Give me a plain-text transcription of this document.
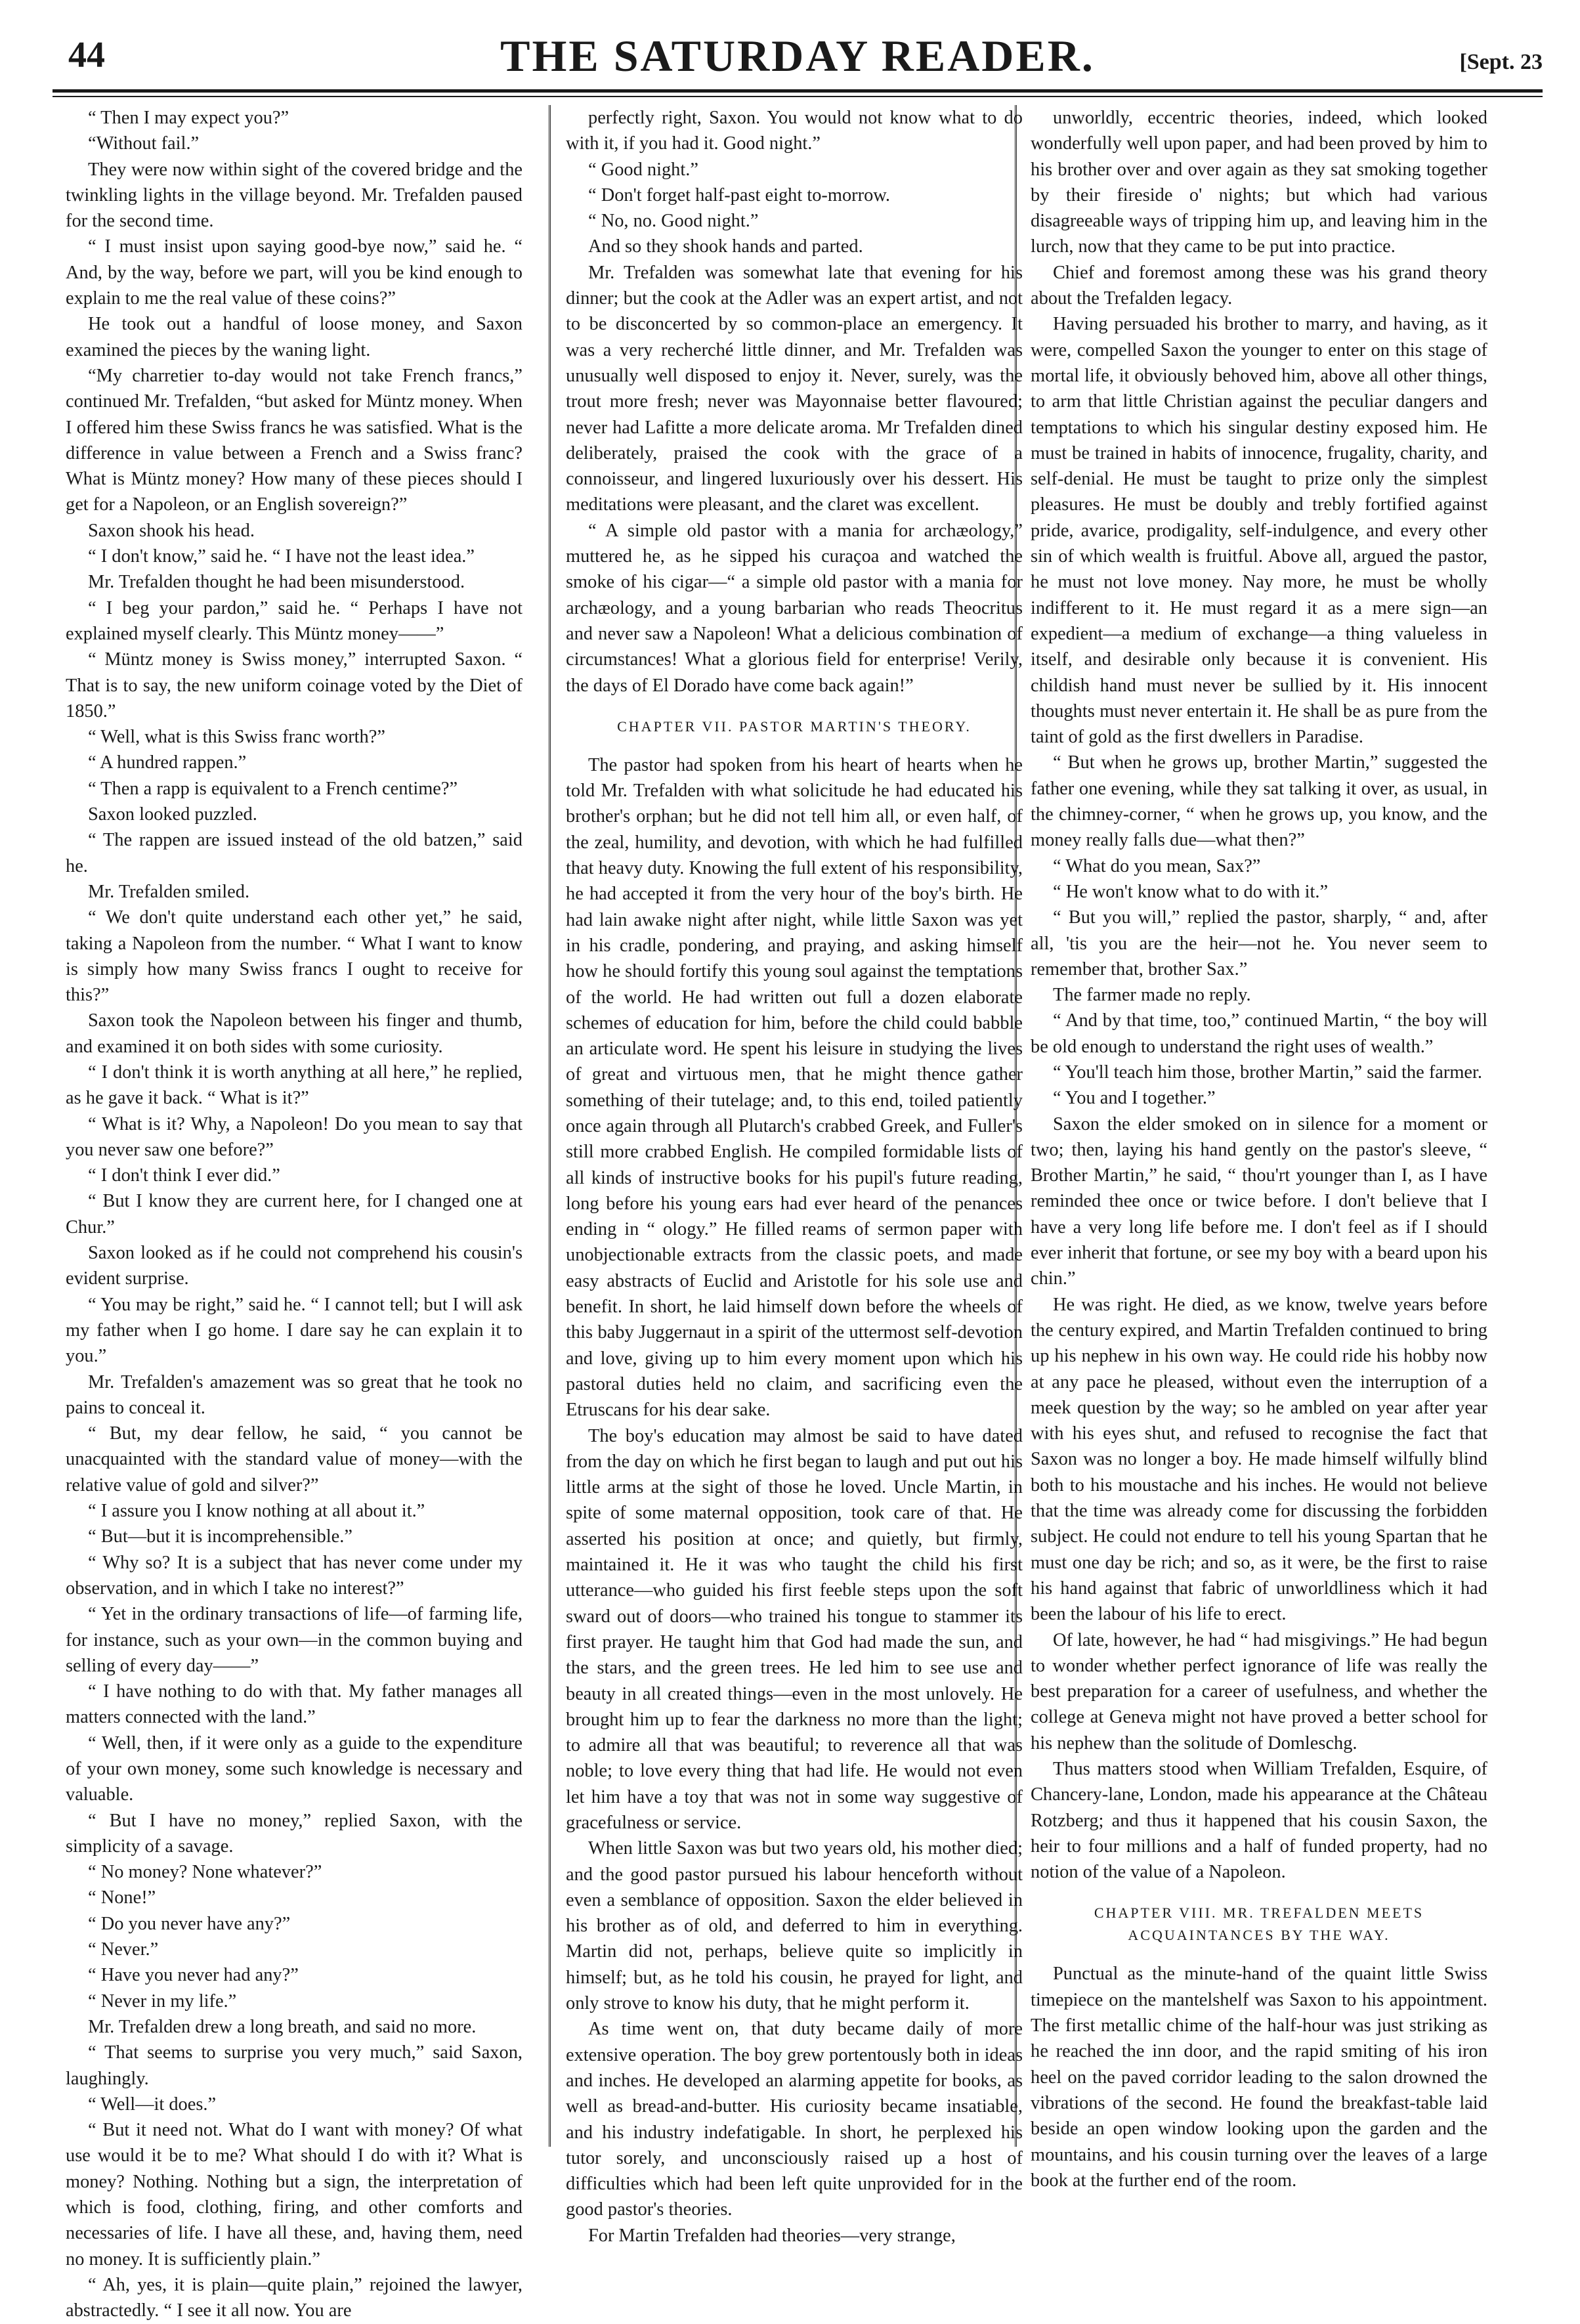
44	THE SATURDAY READER.	[Sept. 23

“ Then I may expect you?”

“Without fail.”

They were now within sight of the covered bridge and the twinkling lights in the village beyond. Mr. Trefalden paused for the second time.

“ I must insist upon saying good-bye now,” said he. “ And, by the way, before we part, will you be kind enough to explain to me the real value of these coins?”

He took out a handful of loose money, and Saxon examined the pieces by the waning light.

“My charretier to-day would not take French francs,” continued Mr. Trefalden, “but asked for Müntz money. When I offered him these Swiss francs he was satisfied. What is the difference in value between a French and a Swiss franc? What is Müntz money? How many of these pieces should I get for a Napoleon, or an English sovereign?”

Saxon shook his head.

“ I don't know,” said he. “ I have not the least idea.”

Mr. Trefalden thought he had been misunderstood.

“ I beg your pardon,” said he. “ Perhaps I have not explained myself clearly. This Müntz money——”

“ Müntz money is Swiss money,” interrupted Saxon. “ That is to say, the new uniform coinage voted by the Diet of 1850.”

“ Well, what is this Swiss franc worth?”

“ A hundred rappen.”

“ Then a rapp is equivalent to a French centime?”

Saxon looked puzzled.

“ The rappen are issued instead of the old batzen,” said he.

Mr. Trefalden smiled.

“ We don't quite understand each other yet,” he said, taking a Napoleon from the number. “ What I want to know is simply how many Swiss francs I ought to receive for this?”

Saxon took the Napoleon between his finger and thumb, and examined it on both sides with some curiosity.

“ I don't think it is worth anything at all here,” he replied, as he gave it back. “ What is it?”

“ What is it? Why, a Napoleon! Do you mean to say that you never saw one before?”

“ I don't think I ever did.”

“ But I know they are current here, for I changed one at Chur.”

Saxon looked as if he could not comprehend his cousin's evident surprise.

“ You may be right,” said he. “ I cannot tell; but I will ask my father when I go home. I dare say he can explain it to you.”

Mr. Trefalden's amazement was so great that he took no pains to conceal it.

“ But, my dear fellow, he said, “ you cannot be unacquainted with the standard value of money—with the relative value of gold and silver?”

“ I assure you I know nothing at all about it.”

“ But—but it is incomprehensible.”

“ Why so? It is a subject that has never come under my observation, and in which I take no interest?”

“ Yet in the ordinary transactions of life—of farming life, for instance, such as your own—in the common buying and selling of every day——”

“ I have nothing to do with that. My father manages all matters connected with the land.”

“ Well, then, if it were only as a guide to the expenditure of your own money, some such knowledge is necessary and valuable.

“ But I have no money,” replied Saxon, with the simplicity of a savage.

“ No money? None whatever?”

“ None!”

“ Do you never have any?”

“ Never.”

“ Have you never had any?”

“ Never in my life.”

Mr. Trefalden drew a long breath, and said no more.

“ That seems to surprise you very much,” said Saxon, laughingly.

“ Well—it does.”

“ But it need not. What do I want with money? Of what use would it be to me? What should I do with it? What is money? Nothing. Nothing but a sign, the interpretation of which is food, clothing, firing, and other comforts and necessaries of life. I have all these, and, having them, need no money. It is sufficiently plain.”

“ Ah, yes, it is plain—quite plain,” rejoined the lawyer, abstractedly. “ I see it all now. You are

perfectly right, Saxon. You would not know what to do with it, if you had it. Good night.”

“ Good night.”

“ Don't forget half-past eight to-morrow.

“ No, no. Good night.”

And so they shook hands and parted.

Mr. Trefalden was somewhat late that evening for his dinner; but the cook at the Adler was an expert artist, and not to be disconcerted by so common-place an emergency. It was a very recherché little dinner, and Mr. Trefalden was unusually well disposed to enjoy it. Never, surely, was the trout more fresh; never was Mayonnaise better flavoured; never had Lafitte a more delicate aroma. Mr Trefalden dined deliberately, praised the cook with the grace of a connoisseur, and lingered luxuriously over his dessert. His meditations were pleasant, and the claret was excellent.

“ A simple old pastor with a mania for archæology,” muttered he, as he sipped his curaçoa and watched the smoke of his cigar—“ a simple old pastor with a mania for archæology, and a young barbarian who reads Theocritus and never saw a Napoleon! What a delicious combination of circumstances! What a glorious field for enterprise! Verily, the days of El Dorado have come back again!”

CHAPTER VII. PASTOR MARTIN'S THEORY.

The pastor had spoken from his heart of hearts when he told Mr. Trefalden with what solicitude he had educated his brother's orphan; but he did not tell him all, or even half, of the zeal, humility, and devotion, with which he had fulfilled that heavy duty. Knowing the full extent of his responsibility, he had accepted it from the very hour of the boy's birth. He had lain awake night after night, while little Saxon was yet in his cradle, pondering, and praying, and asking himself how he should fortify this young soul against the temptations of the world. He had written out full a dozen elaborate schemes of education for him, before the child could babble an articulate word. He spent his leisure in studying the lives of great and virtuous men, that he might thence gather something of their tutelage; and, to this end, toiled patiently once again through all Plutarch's crabbed Greek, and Fuller's still more crabbed English. He compiled formidable lists of all kinds of instructive books for his pupil's future reading, long before his young ears had ever heard of the penances ending in “ ology.” He filled reams of sermon paper with unobjectionable extracts from the classic poets, and made easy abstracts of Euclid and Aristotle for his sole use and benefit. In short, he laid himself down before the wheels of this baby Juggernaut in a spirit of the uttermost self-devotion and love, giving up to him every moment upon which his pastoral duties held no claim, and sacrificing even the Etruscans for his dear sake.

The boy's education may almost be said to have dated from the day on which he first began to laugh and put out his little arms at the sight of those he loved. Uncle Martin, in spite of some maternal opposition, took care of that. He asserted his position at once; and quietly, but firmly, maintained it. He it was who taught the child his first utterance—who guided his first feeble steps upon the soft sward out of doors—who trained his tongue to stammer its first prayer. He taught him that God had made the sun, and the stars, and the green trees. He led him to see use and beauty in all created things—even in the most unlovely. He brought him up to fear the darkness no more than the light; to admire all that was beautiful; to reverence all that was noble; to love every thing that had life. He would not even let him have a toy that was not in some way suggestive of gracefulness or service.

When little Saxon was but two years old, his mother died; and the good pastor pursued his labour henceforth without even a semblance of opposition. Saxon the elder believed in his brother as of old, and deferred to him in everything. Martin did not, perhaps, believe quite so implicitly in himself; but, as he told his cousin, he prayed for light, and only strove to know his duty, that he might perform it.

As time went on, that duty became daily of more extensive operation. The boy grew portentously both in ideas and inches. He developed an alarming appetite for books, as well as bread-and-butter. His curiosity became insatiable, and his industry indefatigable. In short, he perplexed his tutor sorely, and unconsciously raised up a host of difficulties which had been left quite unprovided for in the good pastor's theories.

For Martin Trefalden had theories—very strange,

unworldly, eccentric theories, indeed, which looked wonderfully well upon paper, and had been proved by him to his brother over and over again as they sat smoking together by their fireside o' nights; but which had various disagreeable ways of tripping him up, and leaving him in the lurch, now that they came to be put into practice.

Chief and foremost among these was his grand theory about the Trefalden legacy.

Having persuaded his brother to marry, and having, as it were, compelled Saxon the younger to enter on this stage of mortal life, it obviously behoved him, above all other things, to arm that little Christian against the peculiar dangers and temptations to which his singular destiny exposed him. He must be trained in habits of innocence, frugality, charity, and self-denial. He must be taught to prize only the simplest pleasures. He must be doubly and trebly fortified against pride, avarice, prodigality, self-indulgence, and every other sin of which wealth is fruitful. Above all, argued the pastor, he must not love money. Nay more, he must be wholly indifferent to it. He must regard it as a mere sign—an expedient—a medium of exchange—a thing valueless in itself, and desirable only because it is convenient. His childish hand must never be sullied by it. His innocent thoughts must never entertain it. He shall be as pure from the taint of gold as the first dwellers in Paradise.

“ But when he grows up, brother Martin,” suggested the father one evening, while they sat talking it over, as usual, in the chimney-corner, “ when he grows up, you know, and the money really falls due—what then?”

“ What do you mean, Sax?”

“ He won't know what to do with it.”

“ But you will,” replied the pastor, sharply, “ and, after all, 'tis you are the heir—not he. You never seem to remember that, brother Sax.”

The farmer made no reply.

“ And by that time, too,” continued Martin, “ the boy will be old enough to understand the right uses of wealth.”

“ You'll teach him those, brother Martin,” said the farmer.

“ You and I together.”

Saxon the elder smoked on in silence for a moment or two; then, laying his hand gently on the pastor's sleeve, “ Brother Martin,” he said, “ thou'rt younger than I, as I have reminded thee once or twice before. I don't believe that I have a very long life before me. I don't feel as if I should ever inherit that fortune, or see my boy with a beard upon his chin.”

He was right. He died, as we know, twelve years before the century expired, and Martin Trefalden continued to bring up his nephew in his own way. He could ride his hobby now at any pace he pleased, without even the interruption of a meek question by the way; so he ambled on year after year with his eyes shut, and refused to recognise the fact that Saxon was no longer a boy. He made himself wilfully blind both to his moustache and his inches. He would not believe that the time was already come for discussing the forbidden subject. He could not endure to tell his young Spartan that he must one day be rich; and so, as it were, be the first to raise his hand against that fabric of unworldliness which it had been the labour of his life to erect.

Of late, however, he had “ had misgivings.” He had begun to wonder whether perfect ignorance of life was really the best preparation for a career of usefulness, and whether the college at Geneva might not have proved a better school for his nephew than the solitude of Domleschg.

Thus matters stood when William Trefalden, Esquire, of Chancery-lane, London, made his appearance at the Château Rotzberg; and thus it happened that his cousin Saxon, the heir to four millions and a half of funded property, had no notion of the value of a Napoleon.

CHAPTER VIII. MR. TREFALDEN MEETS ACQUAINTANCES BY THE WAY.

Punctual as the minute-hand of the quaint little Swiss timepiece on the mantelshelf was Saxon to his appointment. The first metallic chime of the half-hour was just striking as he reached the inn door, and the rapid smiting of his iron heel on the paved corridor leading to the salon drowned the vibrations of the second. He found the breakfast-table laid beside an open window looking upon the garden and the mountains, and his cousin turning over the leaves of a large book at the further end of the room.
